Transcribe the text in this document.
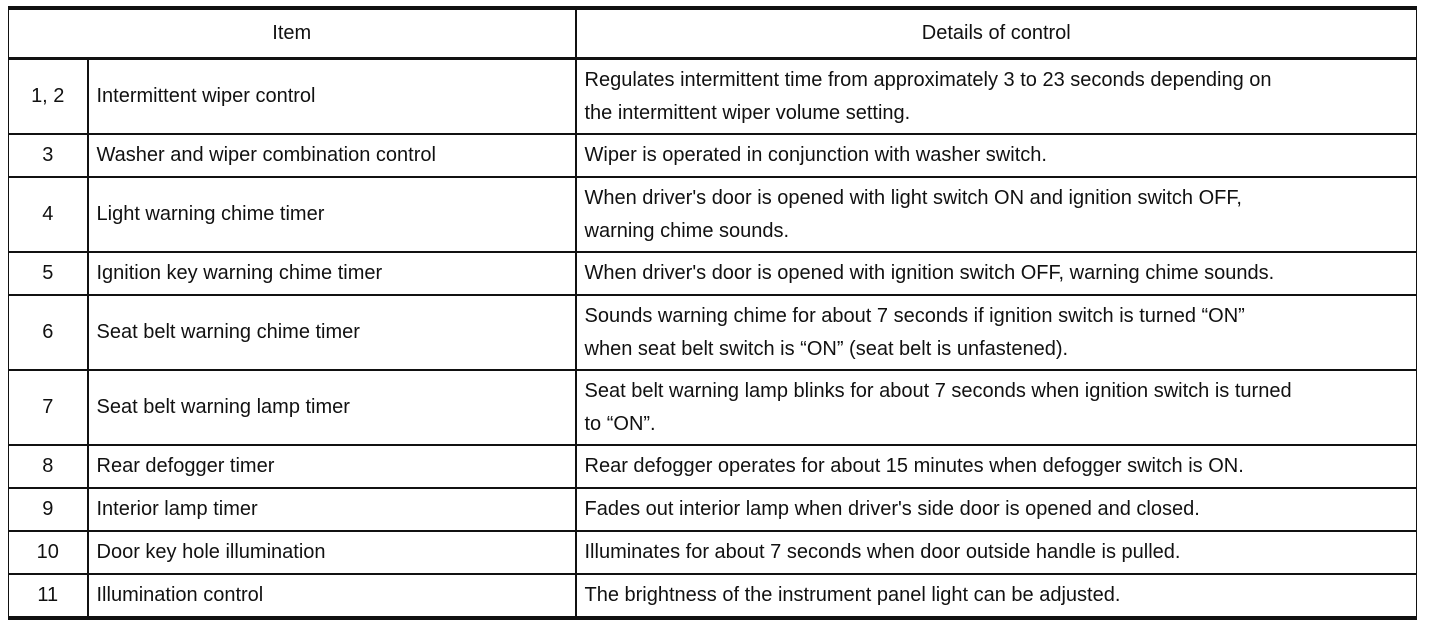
Item		Details of control
1, 2	Intermittent wiper control	Regulates intermittent time from approximately 3 to 23 seconds depending on
the intermittent wiper volume setting.

3	Washer and wiper combination control	Wiper is operated in conjunction with washer switch.

4	Light warning chime timer	When driver's door is opened with light switch ON and ignition switch OFF,
warning chime sounds.

5	Ignition key warning chime timer	When driver's door is opened with ignition switch OFF, warning chime sounds.

6	Seat belt warning chime timer	Sounds warning chime for about 7 seconds if ignition switch is turned “ON”
when seat belt switch is “ON” (seat belt is unfastened).

7	Seat belt warning lamp timer	Seat belt warning lamp blinks for about 7 seconds when ignition switch is turned
to “ON”.

8	Rear defogger timer	Rear defogger operates for about 15 minutes when defogger switch is ON.

9	Interior lamp timer	Fades out interior lamp when driver's side door is opened and closed.

10	Door key hole illumination	Illuminates for about 7 seconds when door outside handle is pulled.

11	Illumination control	The brightness of the instrument panel light can be adjusted.
